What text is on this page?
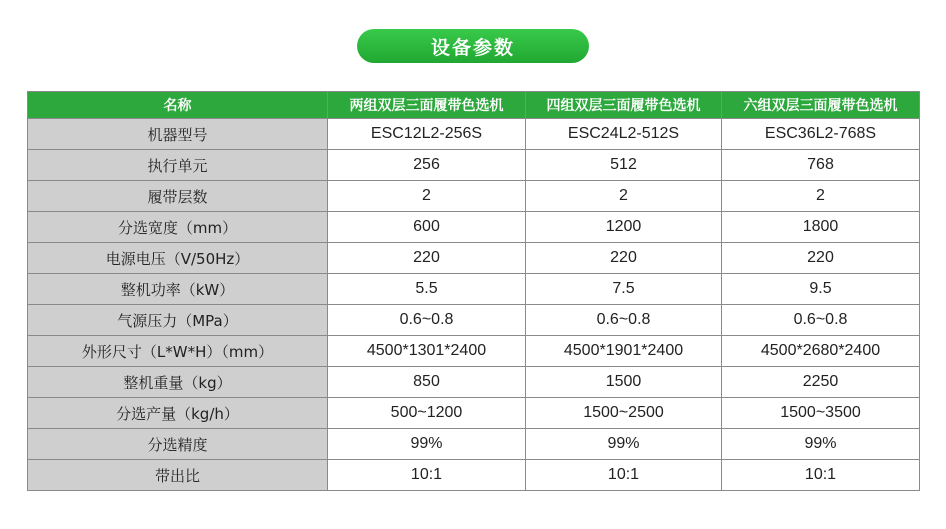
设备参数
名称	两组双层三面履带色选机	四组双层三面履带色选机	六组双层三面履带色选机
机器型号	ESC12L2-256S	ESC24L2-512S	ESC36L2-768S
执行单元	256	512	768
履带层数	2	2	2
分选宽度（mm）	600	1200	1800
电源电压（V/50Hz）	220	220	220
整机功率（kW）	5.5	7.5	9.5
气源压力（MPa）	0.6~0.8	0.6~0.8	0.6~0.8
外形尺寸（L*W*H）（mm）	4500*1301*2400	4500*1901*2400	4500*2680*2400
整机重量（kg）	850	1500	2250
分选产量（kg/h）	500~1200	1500~2500	1500~3500
分选精度	99%	99%	99%
带出比	10:1	10:1	10:1
